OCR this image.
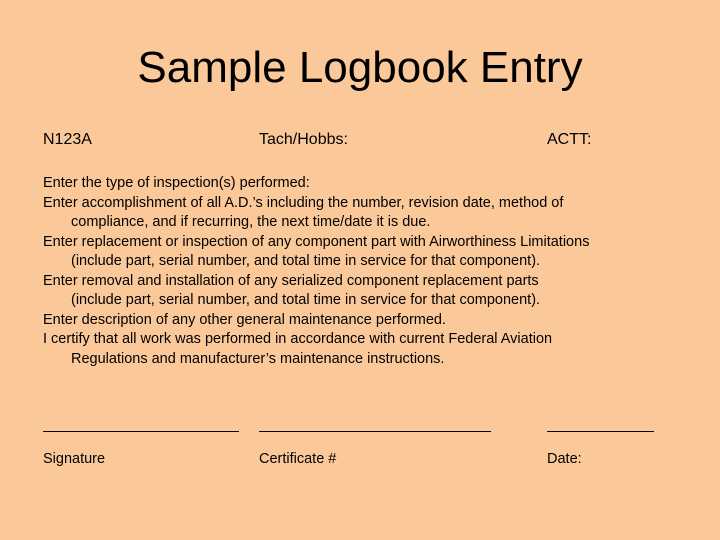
Sample Logbook Entry
N123A	Tach/Hobbs:	ACTT:

Enter the type of inspection(s) performed:

Enter accomplishment of all A.D.’s including the number, revision date, method of
compliance, and if recurring, the next time/date it is due.

Enter replacement or inspection of any component part with Airworthiness Limitations
(include part, serial number, and total time in service for that component).

Enter removal and installation of any serialized component replacement parts
(include part, serial number, and total time in service for that component).

Enter description of any other general maintenance performed.

I certify that all work was performed in accordance with current Federal Aviation
Regulations and manufacturer’s maintenance instructions.

Signature	Certificate #	Date:
